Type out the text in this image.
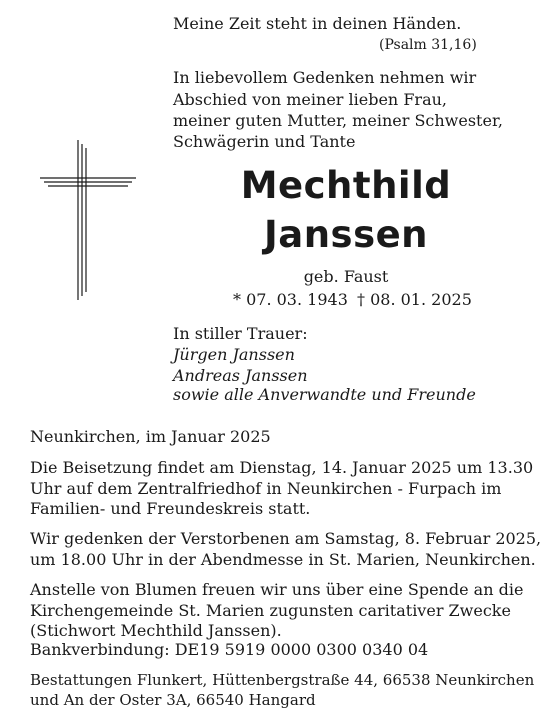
Meine Zeit steht in deinen Händen.
(Psalm 31,16)
In liebevollem Gedenken nehmen wir
Abschied von meiner lieben Frau,
meiner guten Mutter, meiner Schwester,
Schwägerin und Tante
Mechthild
Janssen
geb. Faust
* 07. 03. 1943 † 08. 01. 2025
In stiller Trauer:
Jürgen Janssen
Andreas Janssen
sowie alle Anverwandte und Freunde
Neunkirchen, im Januar 2025
Die Beisetzung findet am Dienstag, 14. Januar 2025 um 13.30
Uhr auf dem Zentralfriedhof in Neunkirchen - Furpach im
Familien- und Freundeskreis statt.
Wir gedenken der Verstorbenen am Samstag, 8. Februar 2025,
um 18.00 Uhr in der Abendmesse in St. Marien, Neunkirchen.
Anstelle von Blumen freuen wir uns über eine Spende an die
Kirchengemeinde St. Marien zugunsten caritativer Zwecke
(Stichwort Mechthild Janssen).
Bankverbindung: DE19 5919 0000 0300 0340 04
Bestattungen Flunkert, Hüttenbergstraße 44, 66538 Neunkirchen
und An der Oster 3A, 66540 Hangard
